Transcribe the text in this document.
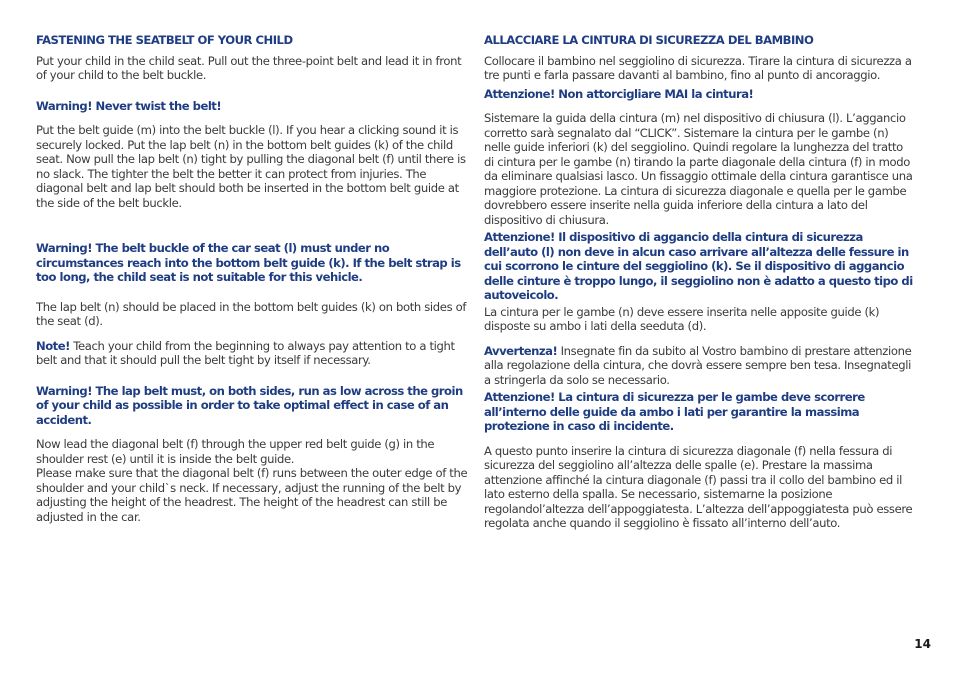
FASTENING THE SEATBELT OF YOUR CHILD

Put your child in the child seat. Pull out the three-point belt and lead it in front of your child to the belt buckle.

Warning! Never twist the belt!

Put the belt guide (m) into the belt buckle (l). If you hear a clicking sound it is securely locked. Put the lap belt (n) in the bottom belt guides (k) of the child seat. Now pull the lap belt (n) tight by pulling the diagonal belt (f) until there is no slack. The tighter the belt the better it can protect from injuries. The diagonal belt and lap belt should both be inserted in the bottom belt guide at the side of the belt buckle.

Warning! The belt buckle of the car seat (l) must under no circumstances reach into the bottom belt guide (k). If the belt strap is too long, the child seat is not suitable for this vehicle.

The lap belt (n) should be placed in the bottom belt guides (k) on both sides of the seat (d).

Note! Teach your child from the beginning to always pay attention to a tight belt and that it should pull the belt tight by itself if necessary.

Warning! The lap belt must, on both sides, run as low across the groin of your child as possible in order to take optimal effect in case of an accident.

Now lead the diagonal belt (f) through the upper red belt guide (g) in the shoulder rest (e) until it is inside the belt guide.

Please make sure that the diagonal belt (f) runs between the outer edge of the shoulder and your child`s neck. If necessary, adjust the running of the belt by adjusting the height of the headrest. The height of the headrest can still be adjusted in the car.

ALLACCIARE LA CINTURA DI SICUREZZA DEL BAMBINO

Collocare il bambino nel seggiolino di sicurezza. Tirare la cintura di sicurezza a tre punti e farla passare davanti al bambino, fino al punto di ancoraggio.

Attenzione! Non attorcigliare MAI la cintura!

Sistemare la guida della cintura (m) nel dispositivo di chiusura (l). L’aggancio corretto sarà segnalato dal “CLICK”. Sistemare la cintura per le gambe (n) nelle guide inferiori (k) del seggiolino. Quindi regolare la lunghezza del tratto di cintura per le gambe (n) tirando la parte diagonale della cintura (f) in modo da eliminare qualsiasi lasco. Un fissaggio ottimale della cintura garantisce una maggiore protezione. La cintura di sicurezza diagonale e quella per le gambe dovrebbero essere inserite nella guida inferiore della cintura a lato del dispositivo di chiusura.

Attenzione! Il dispositivo di aggancio della cintura di sicurezza dell’auto (l) non deve in alcun caso arrivare all’altezza delle fessure in cui scorrono le cinture del seggiolino (k). Se il dispositivo di aggancio delle cinture è troppo lungo, il seggiolino non è adatto a questo tipo di autoveicolo.

La cintura per le gambe (n) deve essere inserita nelle apposite guide (k) disposte su ambo i lati della seeduta (d).

Avvertenza! Insegnate fin da subito al Vostro bambino di prestare attenzione alla regolazione della cintura, che dovrà essere sempre ben tesa. Insegnategli a stringerla da solo se necessario.

Attenzione! La cintura di sicurezza per le gambe deve scorrere all’interno delle guide da ambo i lati per garantire la massima protezione in caso di incidente.

A questo punto inserire la cintura di sicurezza diagonale (f) nella fessura di sicurezza del seggiolino all’altezza delle spalle (e). Prestare la massima attenzione affinché la cintura diagonale (f) passi tra il collo del bambino ed il lato esterno della spalla. Se necessario, sistemarne la posizione regolandol’altezza dell’appoggiatesta. L’altezza dell’appoggiatesta può essere regolata anche quando il seggiolino è fissato all’interno dell’auto.

14
